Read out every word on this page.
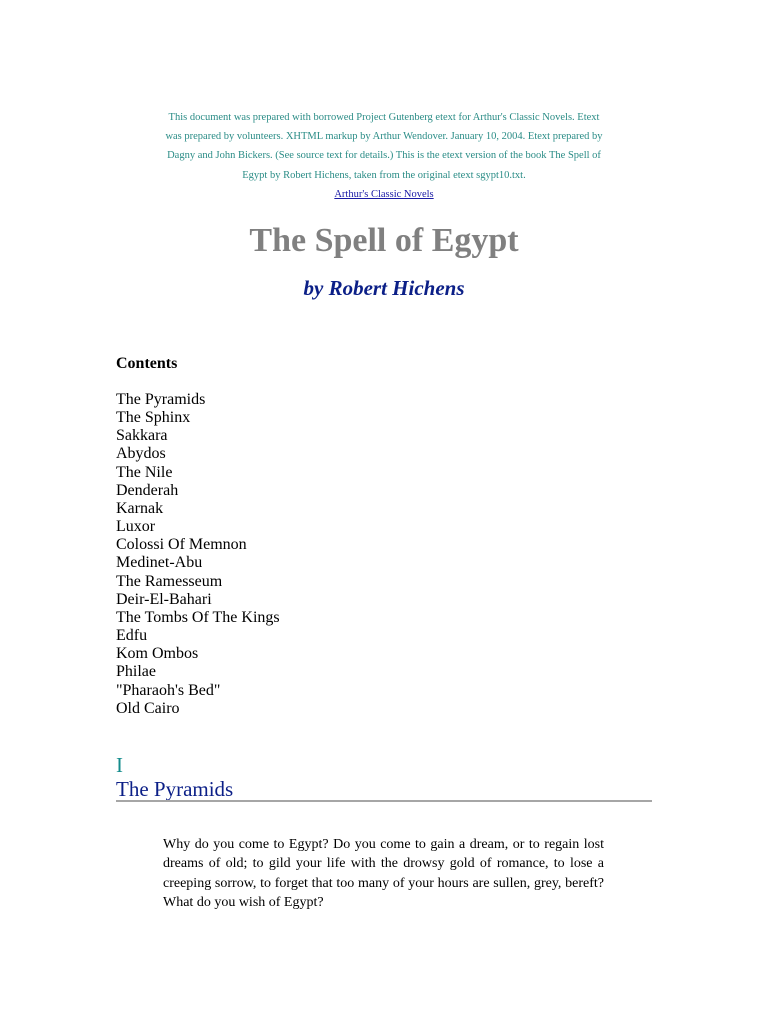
This document was prepared with borrowed Project Gutenberg etext for Arthur's Classic Novels. Etext was prepared by volunteers. XHTML markup by Arthur Wendover. January 10, 2004. Etext prepared by Dagny and John Bickers. (See source text for details.) This is the etext version of the book The Spell of Egypt by Robert Hichens, taken from the original etext sgypt10.txt.

Arthur's Classic Novels

The Spell of Egypt
by Robert Hichens
Contents
The Pyramids
The Sphinx
Sakkara
Abydos
The Nile
Denderah
Karnak
Luxor
Colossi Of Memnon
Medinet-Abu
The Ramesseum
Deir-El-Bahari
The Tombs Of The Kings
Edfu
Kom Ombos
Philae
"Pharaoh's Bed"
Old Cairo
I
The Pyramids

Why do you come to Egypt? Do you come to gain a dream, or to regain lost dreams of old; to gild your life with the drowsy gold of romance, to lose a creeping sorrow, to forget that too many of your hours are sullen, grey, bereft? What do you wish of Egypt?
